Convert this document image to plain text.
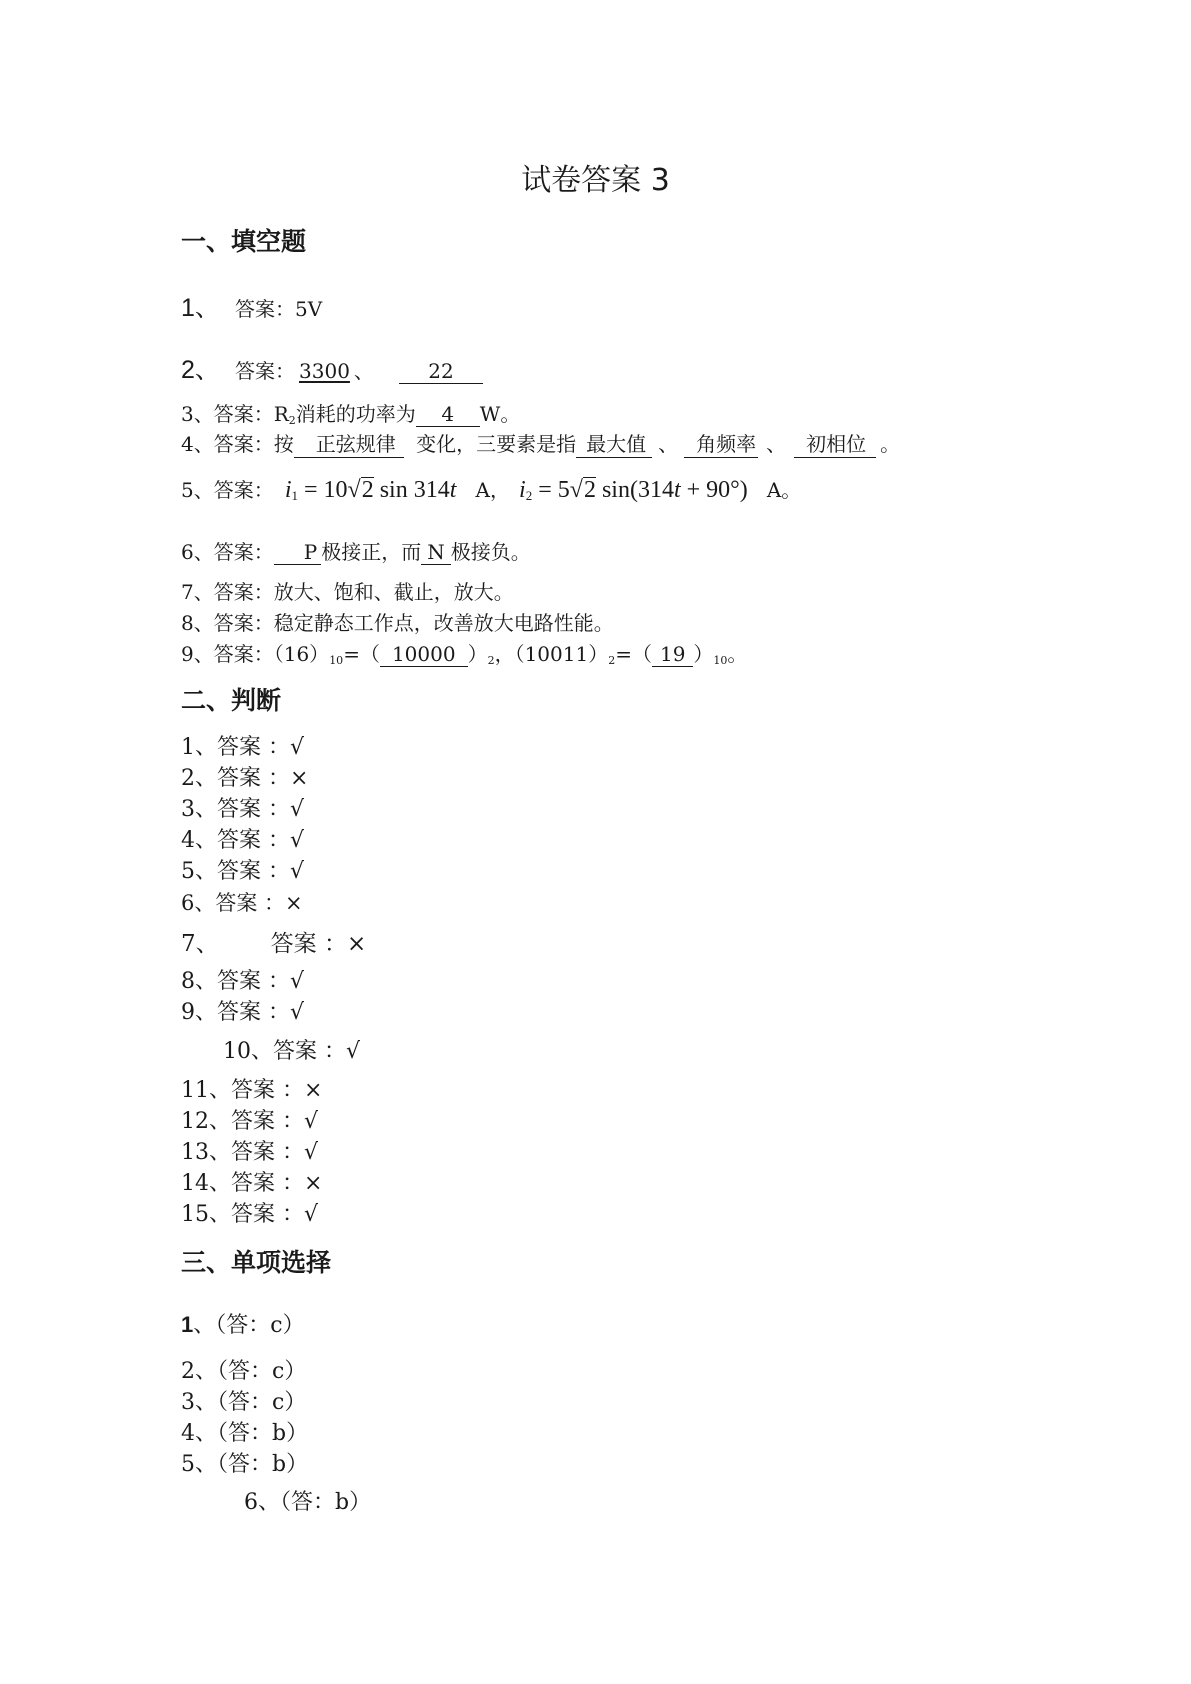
试卷答案 3
一、填空题
1、 答案：5V
2、 答案： 3300 、	22
3、答案：$R_2$消耗的功率为 4 W。
4、答案：按 正弦规律 变化，三要素是指 最大值 、 角频率 、 初相位 。
5、答案： $i_1 = 10√2$ sin 314t A， $i_2 = 5√2$ sin(314t + 90°) A。
6、答案： P 极接正，而 N 极接负。
7、答案：放大、饱和、截止，放大。
8、答案：稳定静态工作点，改善放大电路性能。
9、答案：$(16)_{10}=$（ 10000 ）$_2$，$(10011)_2=$（ 19 ）$_{10}$。
二、判断
1、答案 ：√
2、答案 ：×
3、答案 ：√
4、答案 ：√
5、答案 ：√
6、答案 ：×
7、 答案 ：×
8、答案 ：√
9、答案 ：√
10、答案 ：√
11、答案 ：×
12、答案 ：√
13、答案 ：√
14、答案 ：×
15、答案 ：√
三、单项选择
1、（答：c）
2、（答：c）
3、（答：c）
4、（答：b）
5、（答：b）
6、（答：b）
